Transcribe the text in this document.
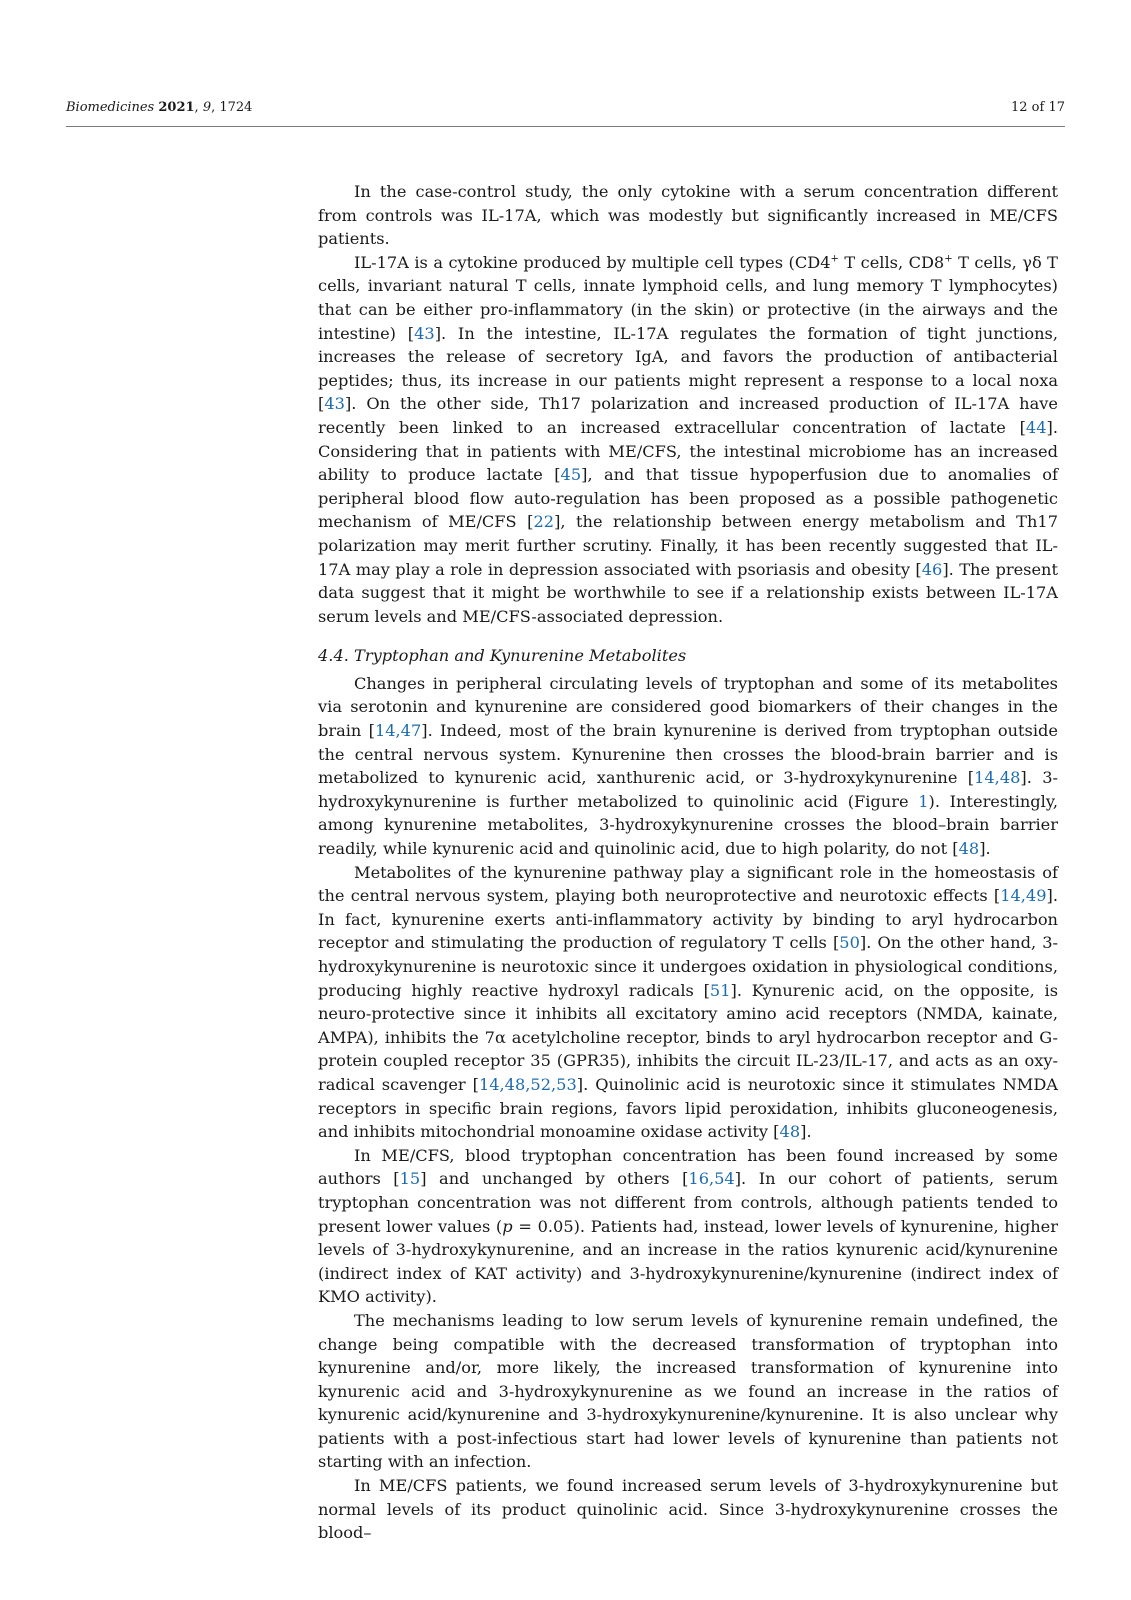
Biomedicines 2021, 9, 1724	12 of 17

In the case-control study, the only cytokine with a serum concentration different from controls was IL-17A, which was modestly but significantly increased in ME/CFS patients.

IL-17A is a cytokine produced by multiple cell types (CD4+ T cells, CD8+ T cells, γδ T cells, invariant natural T cells, innate lymphoid cells, and lung memory T lymphocytes) that can be either pro-inflammatory (in the skin) or protective (in the airways and the intestine) [43]. In the intestine, IL-17A regulates the formation of tight junctions, increases the release of secretory IgA, and favors the production of antibacterial peptides; thus, its increase in our patients might represent a response to a local noxa [43]. On the other side, Th17 polarization and increased production of IL-17A have recently been linked to an increased extracellular concentration of lactate [44]. Considering that in patients with ME/CFS, the intestinal microbiome has an increased ability to produce lactate [45], and that tissue hypoperfusion due to anomalies of peripheral blood flow auto-regulation has been proposed as a possible pathogenetic mechanism of ME/CFS [22], the relationship between energy metabolism and Th17 polarization may merit further scrutiny. Finally, it has been recently suggested that IL-17A may play a role in depression associated with psoriasis and obesity [46]. The present data suggest that it might be worthwhile to see if a relationship exists between IL-17A serum levels and ME/CFS-associated depression.

4.4. Tryptophan and Kynurenine Metabolites

Changes in peripheral circulating levels of tryptophan and some of its metabolites via serotonin and kynurenine are considered good biomarkers of their changes in the brain [14,47]. Indeed, most of the brain kynurenine is derived from tryptophan outside the central nervous system. Kynurenine then crosses the blood-brain barrier and is metabolized to kynurenic acid, xanthurenic acid, or 3-hydroxykynurenine [14,48]. 3-hydroxykynurenine is further metabolized to quinolinic acid (Figure 1). Interestingly, among kynurenine metabolites, 3-hydroxykynurenine crosses the blood–brain barrier readily, while kynurenic acid and quinolinic acid, due to high polarity, do not [48].

Metabolites of the kynurenine pathway play a significant role in the homeostasis of the central nervous system, playing both neuroprotective and neurotoxic effects [14,49]. In fact, kynurenine exerts anti-inflammatory activity by binding to aryl hydrocarbon receptor and stimulating the production of regulatory T cells [50]. On the other hand, 3-hydroxykynurenine is neurotoxic since it undergoes oxidation in physiological conditions, producing highly reactive hydroxyl radicals [51]. Kynurenic acid, on the opposite, is neuro-protective since it inhibits all excitatory amino acid receptors (NMDA, kainate, AMPA), inhibits the 7α acetylcholine receptor, binds to aryl hydrocarbon receptor and G-protein coupled receptor 35 (GPR35), inhibits the circuit IL-23/IL-17, and acts as an oxy-radical scavenger [14,48,52,53]. Quinolinic acid is neurotoxic since it stimulates NMDA receptors in specific brain regions, favors lipid peroxidation, inhibits gluconeogenesis, and inhibits mitochondrial monoamine oxidase activity [48].

In ME/CFS, blood tryptophan concentration has been found increased by some authors [15] and unchanged by others [16,54]. In our cohort of patients, serum tryptophan concentration was not different from controls, although patients tended to present lower values (p = 0.05). Patients had, instead, lower levels of kynurenine, higher levels of 3-hydroxykynurenine, and an increase in the ratios kynurenic acid/kynurenine (indirect index of KAT activity) and 3-hydroxykynurenine/kynurenine (indirect index of KMO activity).

The mechanisms leading to low serum levels of kynurenine remain undefined, the change being compatible with the decreased transformation of tryptophan into kynurenine and/or, more likely, the increased transformation of kynurenine into kynurenic acid and 3-hydroxykynurenine as we found an increase in the ratios of kynurenic acid/kynurenine and 3-hydroxykynurenine/kynurenine. It is also unclear why patients with a post-infectious start had lower levels of kynurenine than patients not starting with an infection.

In ME/CFS patients, we found increased serum levels of 3-hydroxykynurenine but normal levels of its product quinolinic acid. Since 3-hydroxykynurenine crosses the blood–
